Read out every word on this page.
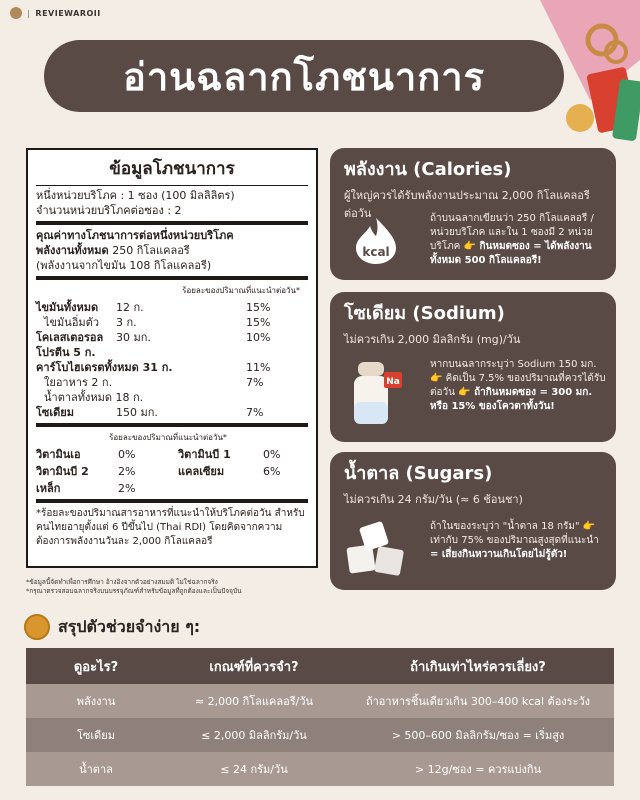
| REVIEWAROII
อ่านฉลากโภชนาการ
ข้อมูลโภชนาการ
หนึ่งหน่วยบริโภค : 1 ซอง (100 มิลลิลิตร)
จำนวนหน่วยบริโภคต่อซอง : 2
คุณค่าทางโภชนาการต่อหนึ่งหน่วยบริโภค
พลังงานทั้งหมด 250 กิโลแคลอรี
(พลังงานจากไขมัน 108 กิโลแคลอรี)
ร้อยละของปริมาณที่แนะนำต่อวัน*
ไขมันทั้งหมด	12 ก.	15%
ไขมันอิ่มตัว	3 ก.	15%
โคเลสเตอรอล	30 มก.	10%
โปรตีน 5 ก.
คาร์โบไฮเดรตทั้งหมด 31 ก.	11%
ใยอาหาร 2 ก.	7%
น้ำตาลทั้งหมด 18 ก.
โซเดียม	150 มก.	7%
ร้อยละของปริมาณที่แนะนำต่อวัน*
วิตามินเอ	0%	วิตามินบี 1	0%
วิตามินบี 2	2%	แคลเซียม	6%
เหล็ก	2%
*ร้อยละของปริมาณสารอาหารที่แนะนำให้บริโภคต่อวัน สำหรับคนไทยอายุตั้งแต่ 6 ปีขึ้นไป (Thai RDI) โดยคิดจากความต้องการพลังงานวันละ 2,000 กิโลแคลอรี
*ข้อมูลนี้จัดทำเพื่อการศึกษา อ้างอิงจากตัวอย่างสมมติ ไม่ใช่ฉลากจริง
*กรุณาตรวจสอบฉลากจริงบนบรรจุภัณฑ์สำหรับข้อมูลที่ถูกต้องและเป็นปัจจุบัน
พลังงาน (Calories)
ผู้ใหญ่ควรได้รับพลังงานประมาณ 2,000 กิโลแคลอรีต่อวัน
kcal
ถ้าบนฉลากเขียนว่า 250 กิโลแคลอรี / หน่วยบริโภค และใน 1 ซองมี 2 หน่วยบริโภค 👉 กินหมดซอง = ได้พลังงานทั้งหมด 500 กิโลแคลอรี!
โซเดียม (Sodium)
ไม่ควรเกิน 2,000 มิลลิกรัม (mg)/วัน
Na
หากบนฉลากระบุว่า Sodium 150 มก.👉 คิดเป็น 7.5% ของปริมาณที่ควรได้รับต่อวัน 👉 ถ้ากินหมดซอง = 300 มก. หรือ 15% ของโควตาทั้งวัน!
น้ำตาล (Sugars)
ไม่ควรเกิน 24 กรัม/วัน (≈ 6 ช้อนชา)
ถ้าในของระบุว่า "น้ำตาล 18 กรัม" 👉 เท่ากับ 75% ของปริมาณสูงสุดที่แนะนำ = เสี่ยงกินหวานเกินโดยไม่รู้ตัว!
สรุปตัวช่วยจำง่าย ๆ:
ดูอะไร?	เกณฑ์ที่ควรจำ?	ถ้าเกินเท่าไหร่ควรเลี่ยง?
พลังงาน	≈ 2,000 กิโลแคลอรี/วัน	ถ้าอาหารชิ้นเดียวเกิน 300–400 kcal ต้องระวัง
โซเดียม	≤ 2,000 มิลลิกรัม/วัน	> 500–600 มิลลิกรัม/ซอง = เริ่มสูง
น้ำตาล	≤ 24 กรัม/วัน	> 12g/ซอง = ควรแบ่งกิน
